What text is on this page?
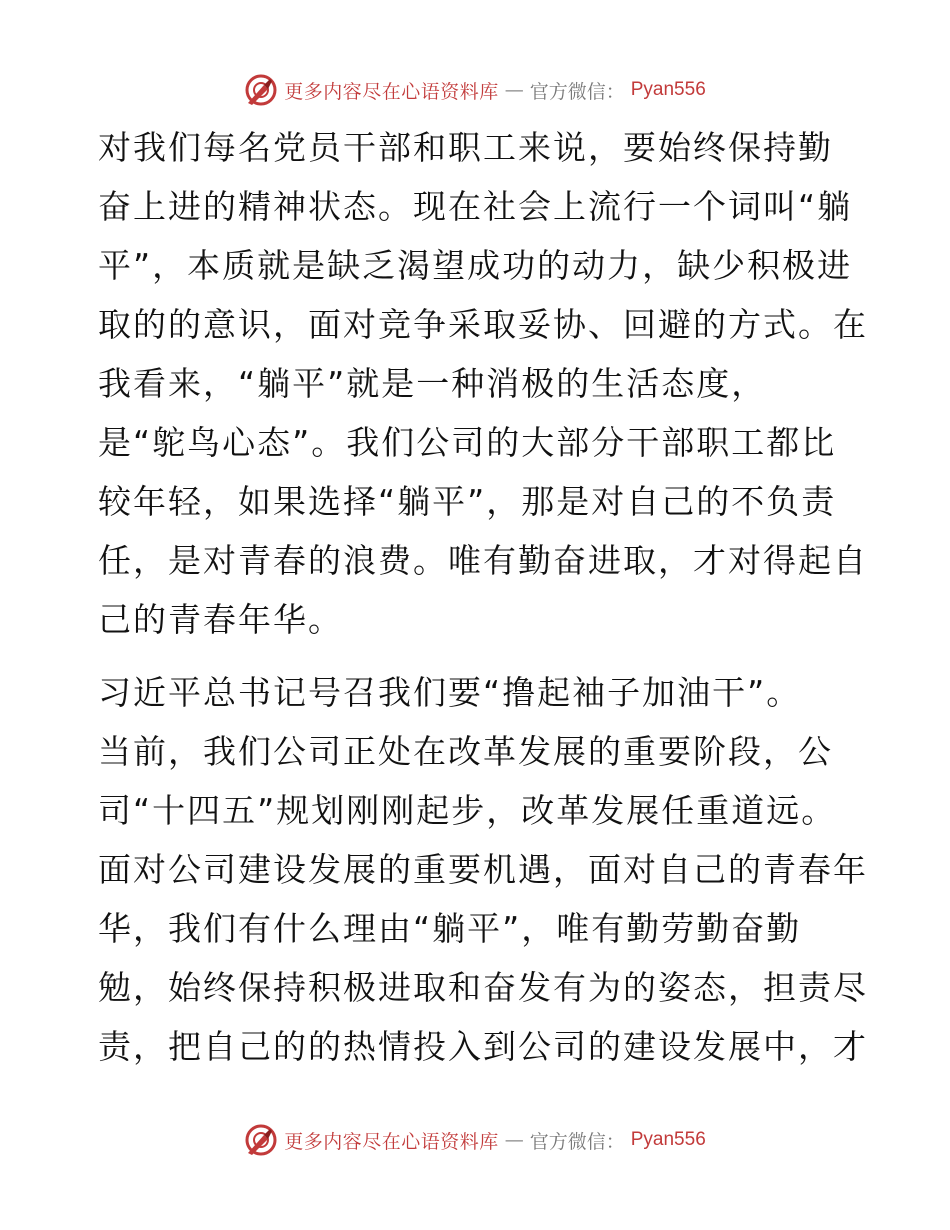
更多内容尽在心语资料库 — 官方微信： Pyan556

对我们每名党员干部和职工来说，要始终保持勤
奋上进的精神状态。现在社会上流行一个词叫“躺
平”，本质就是缺乏渴望成功的动力，缺少积极进
取的的意识，面对竞争采取妥协、回避的方式。在
我看来，“躺平”就是一种消极的生活态度，
是“鸵鸟心态”。我们公司的大部分干部职工都比
较年轻，如果选择“躺平”，那是对自己的不负责
任，是对青春的浪费。唯有勤奋进取，才对得起自
己的青春年华。

习近平总书记号召我们要“撸起袖子加油干”。
当前，我们公司正处在改革发展的重要阶段，公
司“十四五”规划刚刚起步，改革发展任重道远。
面对公司建设发展的重要机遇，面对自己的青春年
华，我们有什么理由“躺平”，唯有勤劳勤奋勤
勉，始终保持积极进取和奋发有为的姿态，担责尽
责，把自己的的热情投入到公司的建设发展中，才

更多内容尽在心语资料库 — 官方微信： Pyan556
